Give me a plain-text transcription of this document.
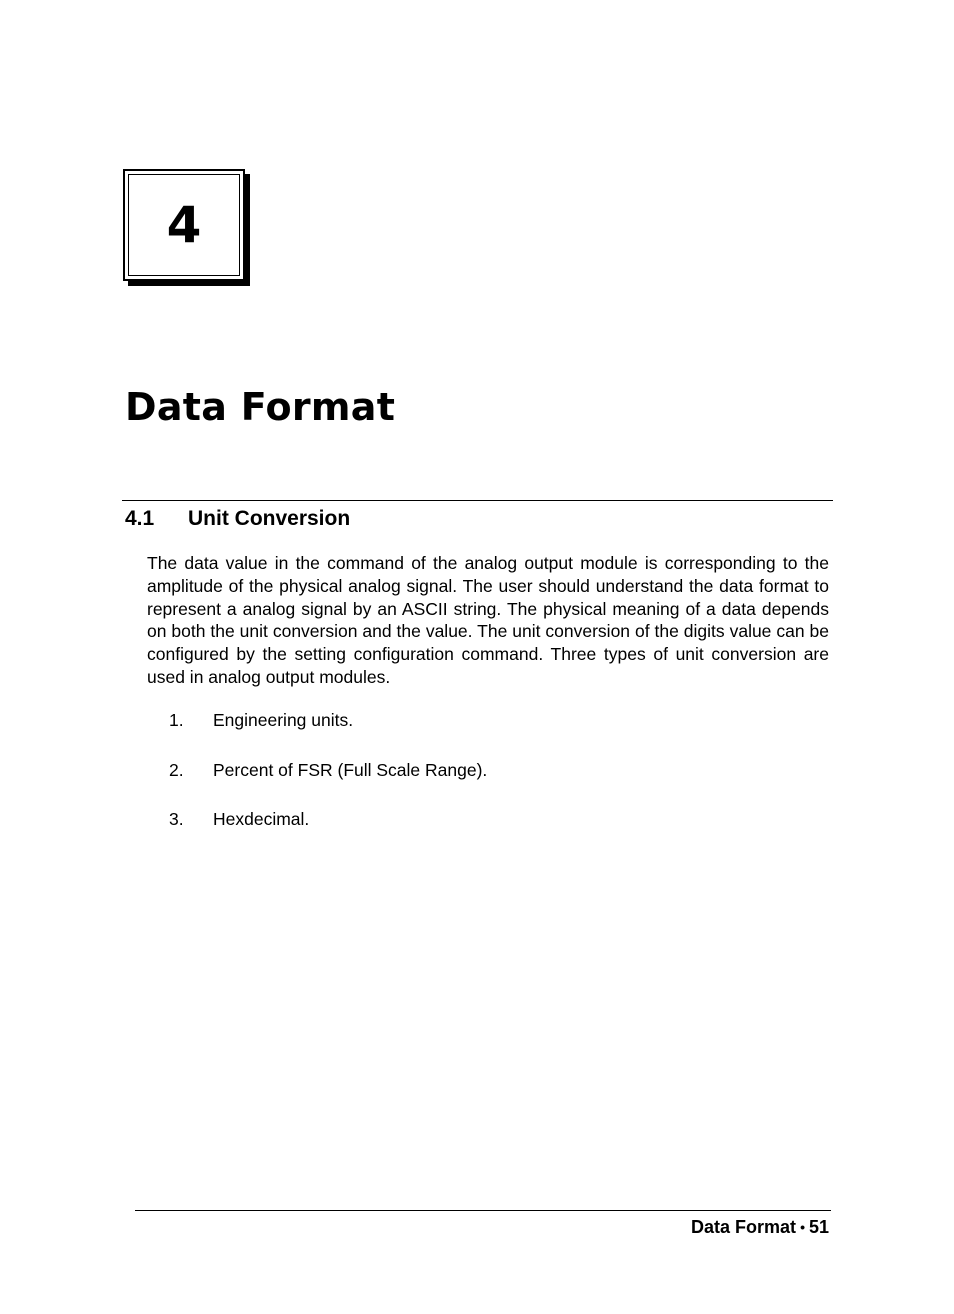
4
Data Format
4.1 Unit Conversion

The data value in the command of the analog output module is corresponding to the amplitude of the physical analog signal. The user should understand the data format to represent a analog signal by an ASCII string. The physical meaning of a data depends on both the unit conversion and the value. The unit conversion of the digits value can be configured by the setting configuration command. Three types of unit conversion are used in analog output modules.

1. Engineering units.
2. Percent of FSR (Full Scale Range).
3. Hexdecimal.
Data Format • 51
